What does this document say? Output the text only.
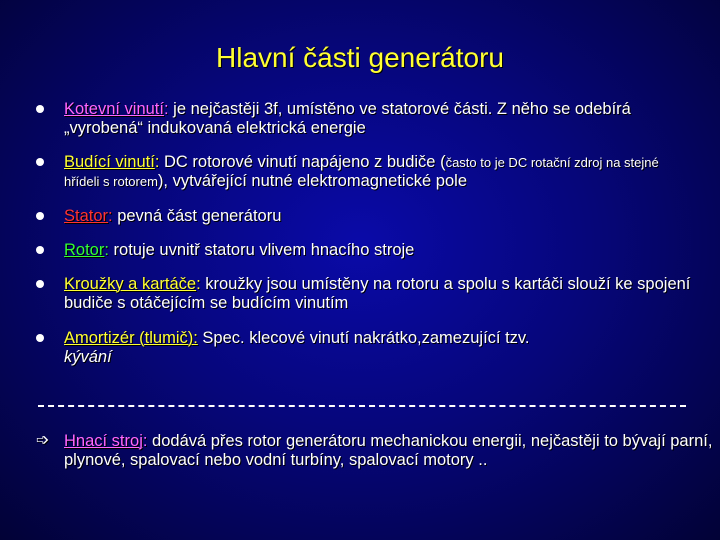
Hlavní části generátoru
Kotevní vinutí: je nejčastěji 3f, umístěno ve statorové části. Z něho se odebírá „vyrobená“ indukovaná elektrická energie
Budící vinutí: DC rotorové vinutí napájeno z budiče (často to je DC rotační zdroj na stejné hřídeli s rotorem), vytvářející nutné elektromagnetické pole
Stator: pevná část generátoru
Rotor: rotuje uvnitř statoru vlivem hnacího stroje
Kroužky a kartáče: kroužky jsou umístěny na rotoru a spolu s kartáči slouží ke spojení budiče s otáčejícím se budícím vinutím
Amortizér (tlumič): Spec. klecové vinutí nakrátko,zamezující tzv.
kývání
➩ Hnací stroj: dodává přes rotor generátoru mechanickou energii, nejčastěji to bývají parní, plynové, spalovací nebo vodní turbíny, spalovací motory ..
